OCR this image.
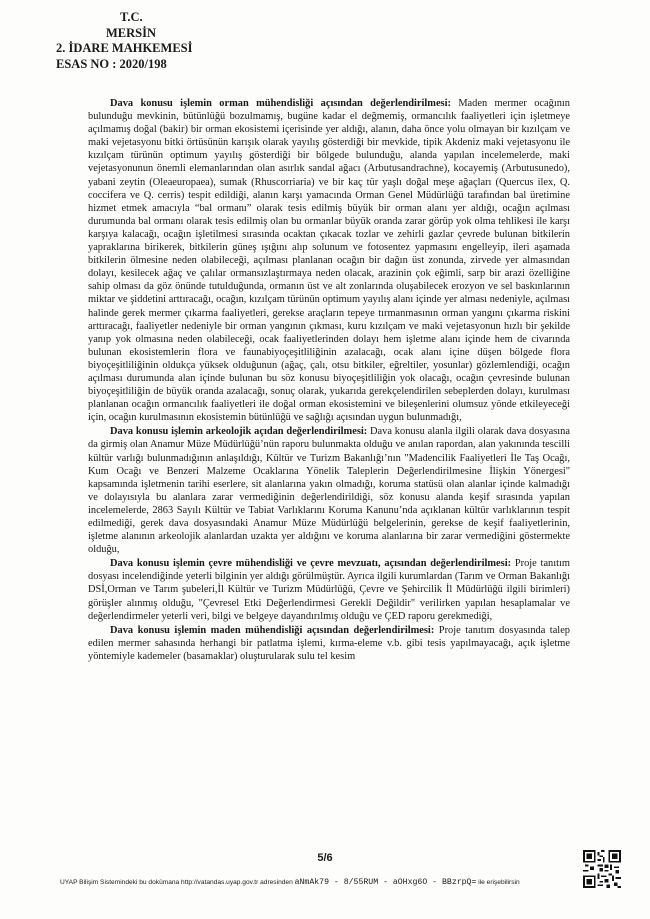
T.C.
MERSİN
2. İDARE MAHKEMESİ
ESAS NO : 2020/198

Dava konusu işlemin orman mühendisliği açısından değerlendirilmesi: Maden mermer ocağının bulunduğu mevkinin, bütünlüğü bozulmamış, bugüne kadar el değmemiş, ormancılık faaliyetleri için işletmeye açılmamış doğal (bakir) bir orman ekosistemi içerisinde yer aldığı, alanın, daha önce yolu olmayan bir kızılçam ve maki vejetasyonu bitki örtüsünün karışık olarak yayılış gösterdiği bir mevkide, tipik Akdeniz maki vejetasyonu ile kızılçam türünün optimum yayılış gösterdiği bir bölgede bulunduğu, alanda yapılan incelemelerde, maki vejetasyonunun önemli elemanlarından olan asırlık sandal ağacı (Arbutusandrachne), kocayemiş (Arbutusunedo), yabani zeytin (Oleaeuropaea), sumak (Rhuscorriaria) ve bir kaç tür yaşlı doğal meşe ağaçları (Quercus ilex, Q. coccifera ve Q. cerris) tespit edildiği, alanın karşı yamacında Orman Genel Müdürlüğü tarafından bal üretimine hizmet etmek amacıyla “bal ormanı” olarak tesis edilmiş büyük bir orman alanı yer aldığı, ocağın açılması durumunda bal ormanı olarak tesis edilmiş olan bu ormanlar büyük oranda zarar görüp yok olma tehlikesi ile karşı karşıya kalacağı, ocağın işletilmesi sırasında ocaktan çıkacak tozlar ve zehirli gazlar çevrede bulunan bitkilerin yapraklarına birikerek, bitkilerin güneş ışığını alıp solunum ve fotosentez yapmasını engelleyip, ileri aşamada bitkilerin ölmesine neden olabileceği, açılması planlanan ocağın bir dağın üst zonunda, zirvede yer almasından dolayı, kesilecek ağaç ve çalılar ormansızlaştırmaya neden olacak, arazinin çok eğimli, sarp bir arazi özelliğine sahip olması da göz önünde tutulduğunda, ormanın üst ve alt zonlarında oluşabilecek erozyon ve sel baskınlarının miktar ve şiddetini arttıracağı, ocağın, kızılçam türünün optimum yayılış alanı içinde yer alması nedeniyle, açılması halinde gerek mermer çıkarma faaliyetleri, gerekse araçların tepeye tırmanmasının orman yangını çıkarma riskini arttıracağı, faaliyetler nedeniyle bir orman yangının çıkması, kuru kızılçam ve maki vejetasyonun hızlı bir şekilde yanıp yok olmasına neden olabileceği, ocak faaliyetlerinden dolayı hem işletme alanı içinde hem de civarında bulunan ekosistemlerin flora ve faunabiyoçeşitliliğinin azalacağı, ocak alanı içine düşen bölgede flora biyoçeşitliliğinin oldukça yüksek olduğunun (ağaç, çalı, otsu bitkiler, eğreltiler, yosunlar) gözlemlendiği, ocağın açılması durumunda alan içinde bulunan bu söz konusu biyoçeşitliliğin yok olacağı, ocağın çevresinde bulunan biyoçeşitliliğin de büyük oranda azalacağı, sonuç olarak, yukarıda gerekçelendirilen sebeplerden dolayı, kurulması planlanan ocağın ormancılık faaliyetleri ile doğal orman ekosistemini ve bileşenlerini olumsuz yönde etkileyeceği için, ocağın kurulmasının ekosistemin bütünlüğü ve sağlığı açısından uygun bulunmadığı,

Dava konusu işlemin arkeolojik açıdan değerlendirilmesi: Dava konusu alanla ilgili olarak dava dosyasına da girmiş olan Anamur Müze Müdürlüğü’nün raporu bulunmakta olduğu ve anılan rapordan, alan yakınında tescilli kültür varlığı bulunmadığının anlaşıldığı, Kültür ve Turizm Bakanlığı’nın "Madencilik Faaliyetleri İle Taş Ocağı, Kum Ocağı ve Benzeri Malzeme Ocaklarına Yönelik Taleplerin Değerlendirilmesine İlişkin Yönergesi" kapsamında işletmenin tarihi eserlere, sit alanlarına yakın olmadığı, koruma statüsü olan alanlar içinde kalmadığı ve dolayısıyla bu alanlara zarar vermediğinin değerlendirildiği, söz konusu alanda keşif sırasında yapılan incelemelerde, 2863 Sayılı Kültür ve Tabiat Varlıklarını Koruma Kanunu’nda açıklanan kültür varlıklarının tespit edilmediği, gerek dava dosyasındaki Anamur Müze Müdürlüğü belgelerinin, gerekse de keşif faaliyetlerinin, işletme alanının arkeolojik alanlardan uzakta yer aldığını ve koruma alanlarına bir zarar vermediğini göstermekte olduğu,

Dava konusu işlemin çevre mühendisliği ve çevre mevzuatı, açısından değerlendirilmesi: Proje tanıtım dosyası incelendiğinde yeterli bilginin yer aldığı görülmüştür. Ayrıca ilgili kurumlardan (Tarım ve Orman Bakanlığı DSİ,Orman ve Tarım şubeleri,İl Kültür ve Turizm Müdürlüğü, Çevre ve Şehircilik İl Müdürlüğü ilgili birimleri) görüşler alınmış olduğu, "Çevresel Etki Değerlendirmesi Gerekli Değildir" verilirken yapılan hesaplamalar ve değerlendirmeler yeterli veri, bilgi ve belgeye dayandırılmış olduğu ve ÇED raporu gerekmediği,

Dava konusu işlemin maden mühendisliği açısından değerlendirilmesi: Proje tanıtım dosyasında talep edilen mermer sahasında herhangi bir patlatma işlemi, kırma-eleme v.b. gibi tesis yapılmayacağı, açık işletme yöntemiyle kademeler (basamaklar) oluşturularak sulu tel kesim

5/6
UYAP Bilişim Sistemindeki bu dokümana http://vatandas.uyap.gov.tr adresinden aNmAk79 - 8/55RUM - aOHxg6O - BBzrpQ= ile erişebilirsin
